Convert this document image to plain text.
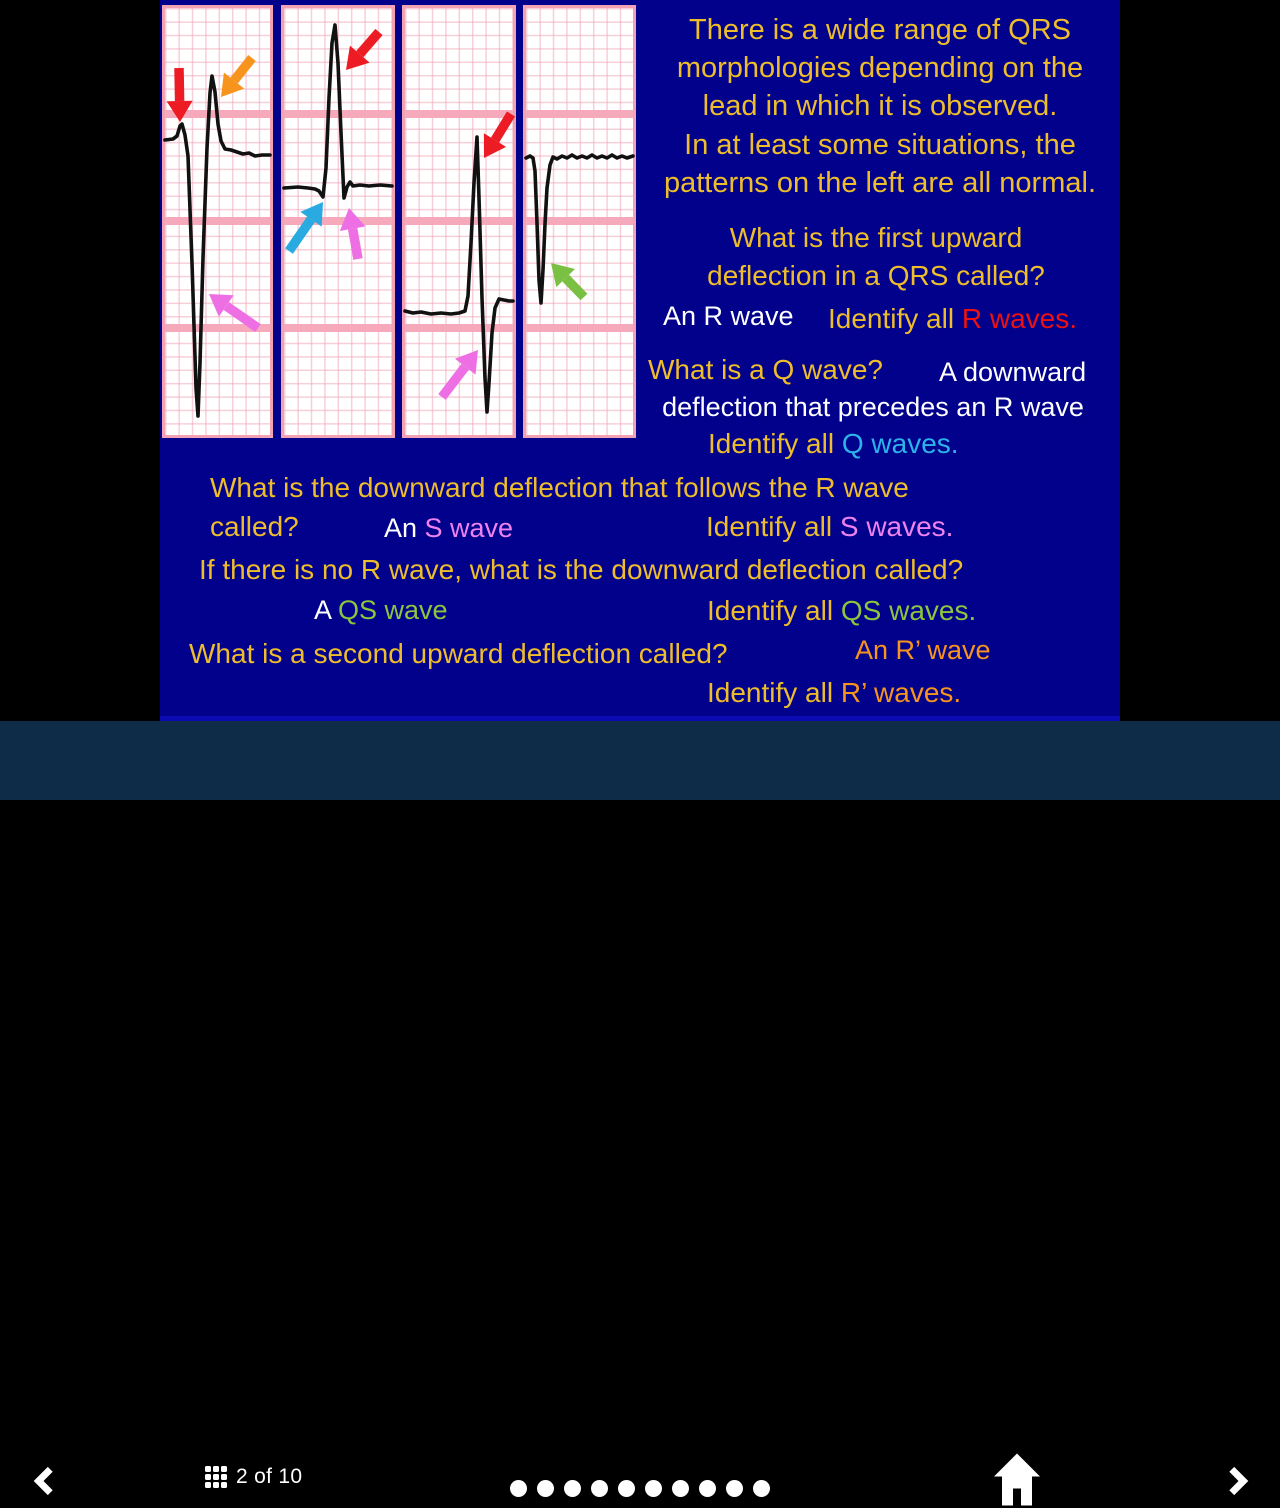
There is a wide range of QRS
morphologies depending on the
lead in which it is observed.
In at least some situations, the
patterns on the left are all normal.
What is the first upward
deflection in a QRS called?
An R wave Identify all R waves.
What is a Q wave? A downward
deflection that precedes an R wave
Identify all Q waves.
What is the downward deflection that follows the R wave
called?	An S wave	Identify all S waves.
If there is no R wave, what is the downward deflection called?
A QS wave	Identify all QS waves.
What is a second upward deflection called?	An R’ wave
Identify all R’ waves.
2 of 10
